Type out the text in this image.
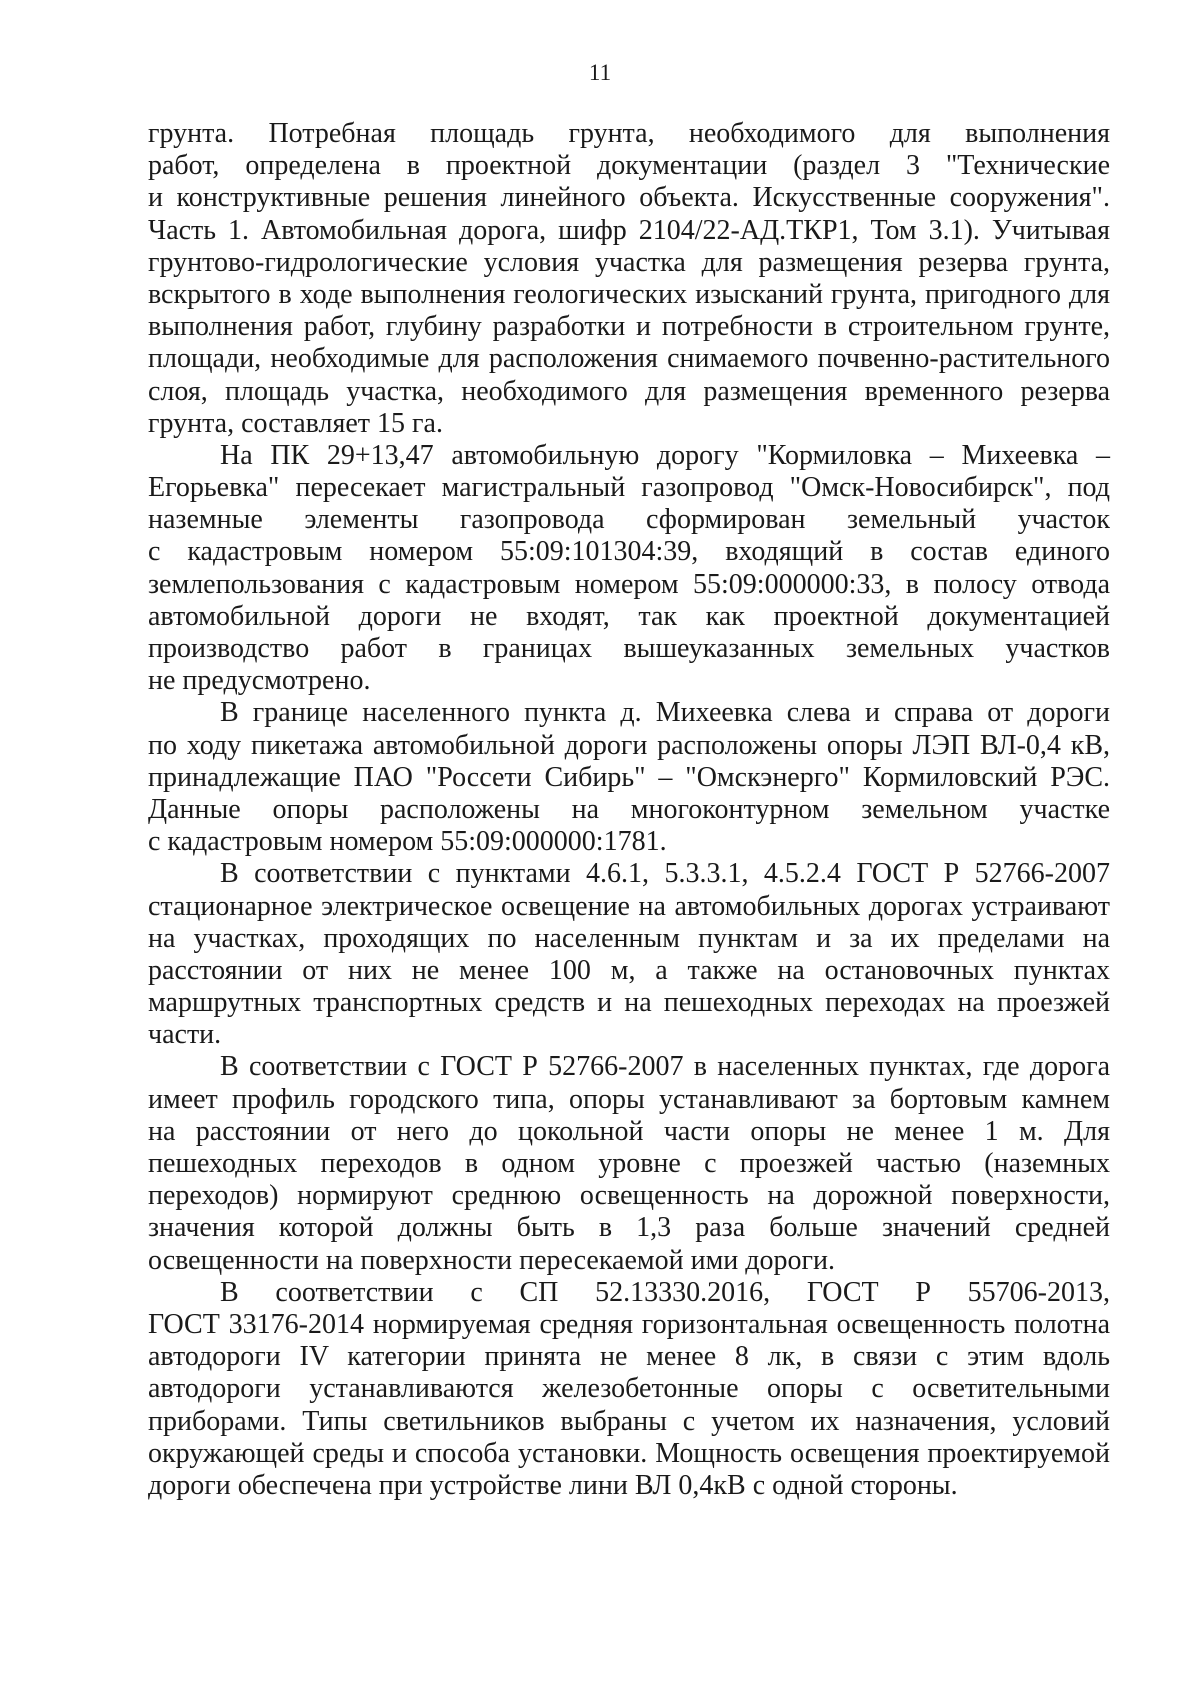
11
грунта. Потребная площадь грунта, необходимого для выполнения
работ, определена в проектной документации (раздел 3 "Технические
и конструктивные решения линейного объекта. Искусственные сооружения".
Часть 1. Автомобильная дорога, шифр 2104/22-АД.ТКР1, Том 3.1). Учитывая
грунтово-гидрологические условия участка для размещения резерва грунта,
вскрытого в ходе выполнения геологических изысканий грунта, пригодного для
выполнения работ, глубину разработки и потребности в строительном грунте,
площади, необходимые для расположения снимаемого почвенно-растительного
слоя, площадь участка, необходимого для размещения временного резерва
грунта, составляет 15 га.
На ПК 29+13,47 автомобильную дорогу "Кормиловка – Михеевка –
Егорьевка" пересекает магистральный газопровод "Омск-Новосибирск", под
наземные элементы газопровода сформирован земельный участок
с кадастровым номером 55:09:101304:39, входящий в состав единого
землепользования с кадастровым номером 55:09:000000:33, в полосу отвода
автомобильной дороги не входят, так как проектной документацией
производство работ в границах вышеуказанных земельных участков
не предусмотрено.
В границе населенного пункта д. Михеевка слева и справа от дороги
по ходу пикетажа автомобильной дороги расположены опоры ЛЭП ВЛ-0,4 кВ,
принадлежащие ПАО "Россети Сибирь" – "Омскэнерго" Кормиловский РЭС.
Данные опоры расположены на многоконтурном земельном участке
с кадастровым номером 55:09:000000:1781.
В соответствии с пунктами 4.6.1, 5.3.3.1, 4.5.2.4 ГОСТ Р 52766-2007
стационарное электрическое освещение на автомобильных дорогах устраивают
на участках, проходящих по населенным пунктам и за их пределами на
расстоянии от них не менее 100 м, а также на остановочных пунктах
маршрутных транспортных средств и на пешеходных переходах на проезжей
части.
В соответствии с ГОСТ Р 52766-2007 в населенных пунктах, где дорога
имеет профиль городского типа, опоры устанавливают за бортовым камнем
на расстоянии от него до цокольной части опоры не менее 1 м. Для
пешеходных переходов в одном уровне с проезжей частью (наземных
переходов) нормируют среднюю освещенность на дорожной поверхности,
значения которой должны быть в 1,3 раза больше значений средней
освещенности на поверхности пересекаемой ими дороги.
В соответствии с СП 52.13330.2016, ГОСТ Р 55706-2013,
ГОСТ 33176-2014 нормируемая средняя горизонтальная освещенность полотна
автодороги IV категории принята не менее 8 лк, в связи с этим вдоль
автодороги устанавливаются железобетонные опоры с осветительными
приборами. Типы светильников выбраны с учетом их назначения, условий
окружающей среды и способа установки. Мощность освещения проектируемой
дороги обеспечена при устройстве лини ВЛ 0,4кВ с одной стороны.
